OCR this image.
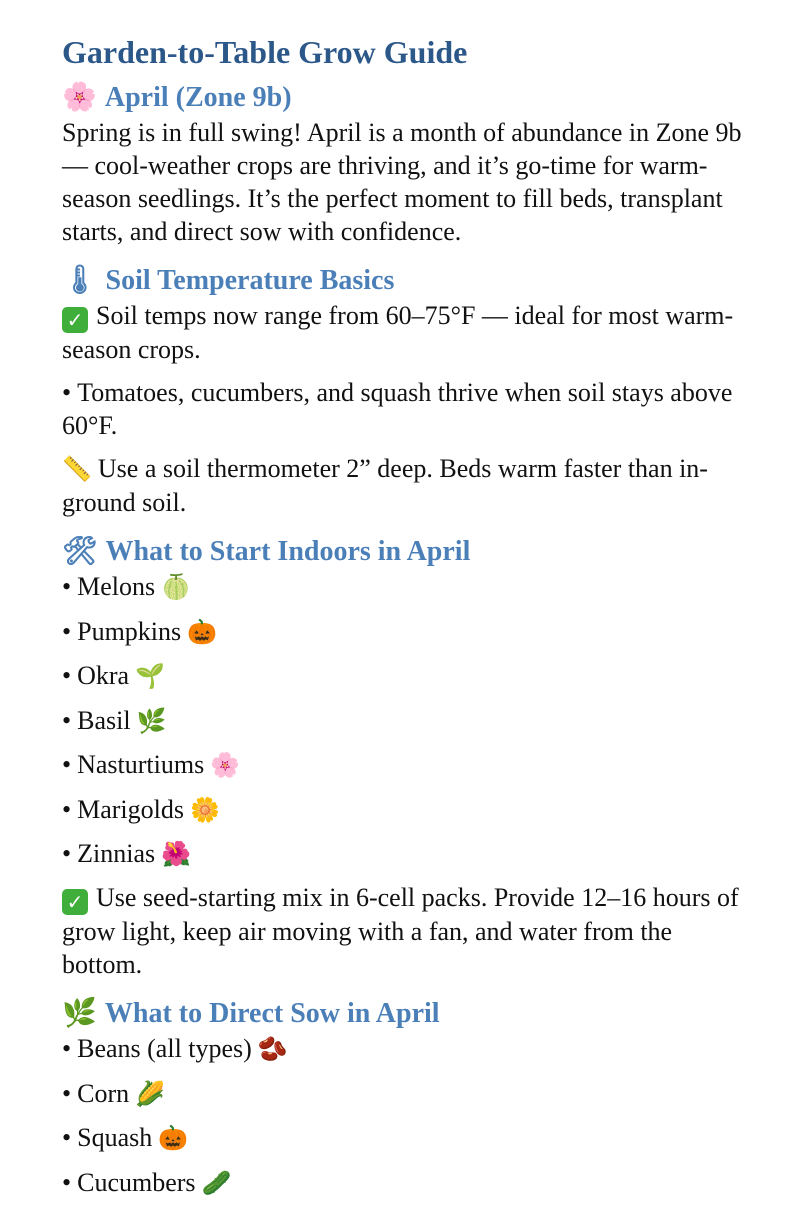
Garden-to-Table Grow Guide
🌸 April (Zone 9b)

Spring is in full swing! April is a month of abundance in Zone 9b — cool-weather crops are thriving, and it’s go-time for warm-season seedlings. It’s the perfect moment to fill beds, transplant starts, and direct sow with confidence.

🌡 Soil Temperature Basics

✓ Soil temps now range from 60–75°F — ideal for most warm-season crops.

• Tomatoes, cucumbers, and squash thrive when soil stays above 60°F.

📏 Use a soil thermometer 2” deep. Beds warm faster than in-ground soil.

🛠 What to Start Indoors in April
• Melons 🍈
• Pumpkins 🎃
• Okra 🌱
• Basil 🌿
• Nasturtiums 🌸
• Marigolds 🌼
• Zinnias 🌺

✓ Use seed-starting mix in 6-cell packs. Provide 12–16 hours of grow light, keep air moving with a fan, and water from the bottom.

🌿 What to Direct Sow in April
• Beans (all types) 🫘
• Corn 🌽
• Squash 🎃
• Cucumbers 🥒
